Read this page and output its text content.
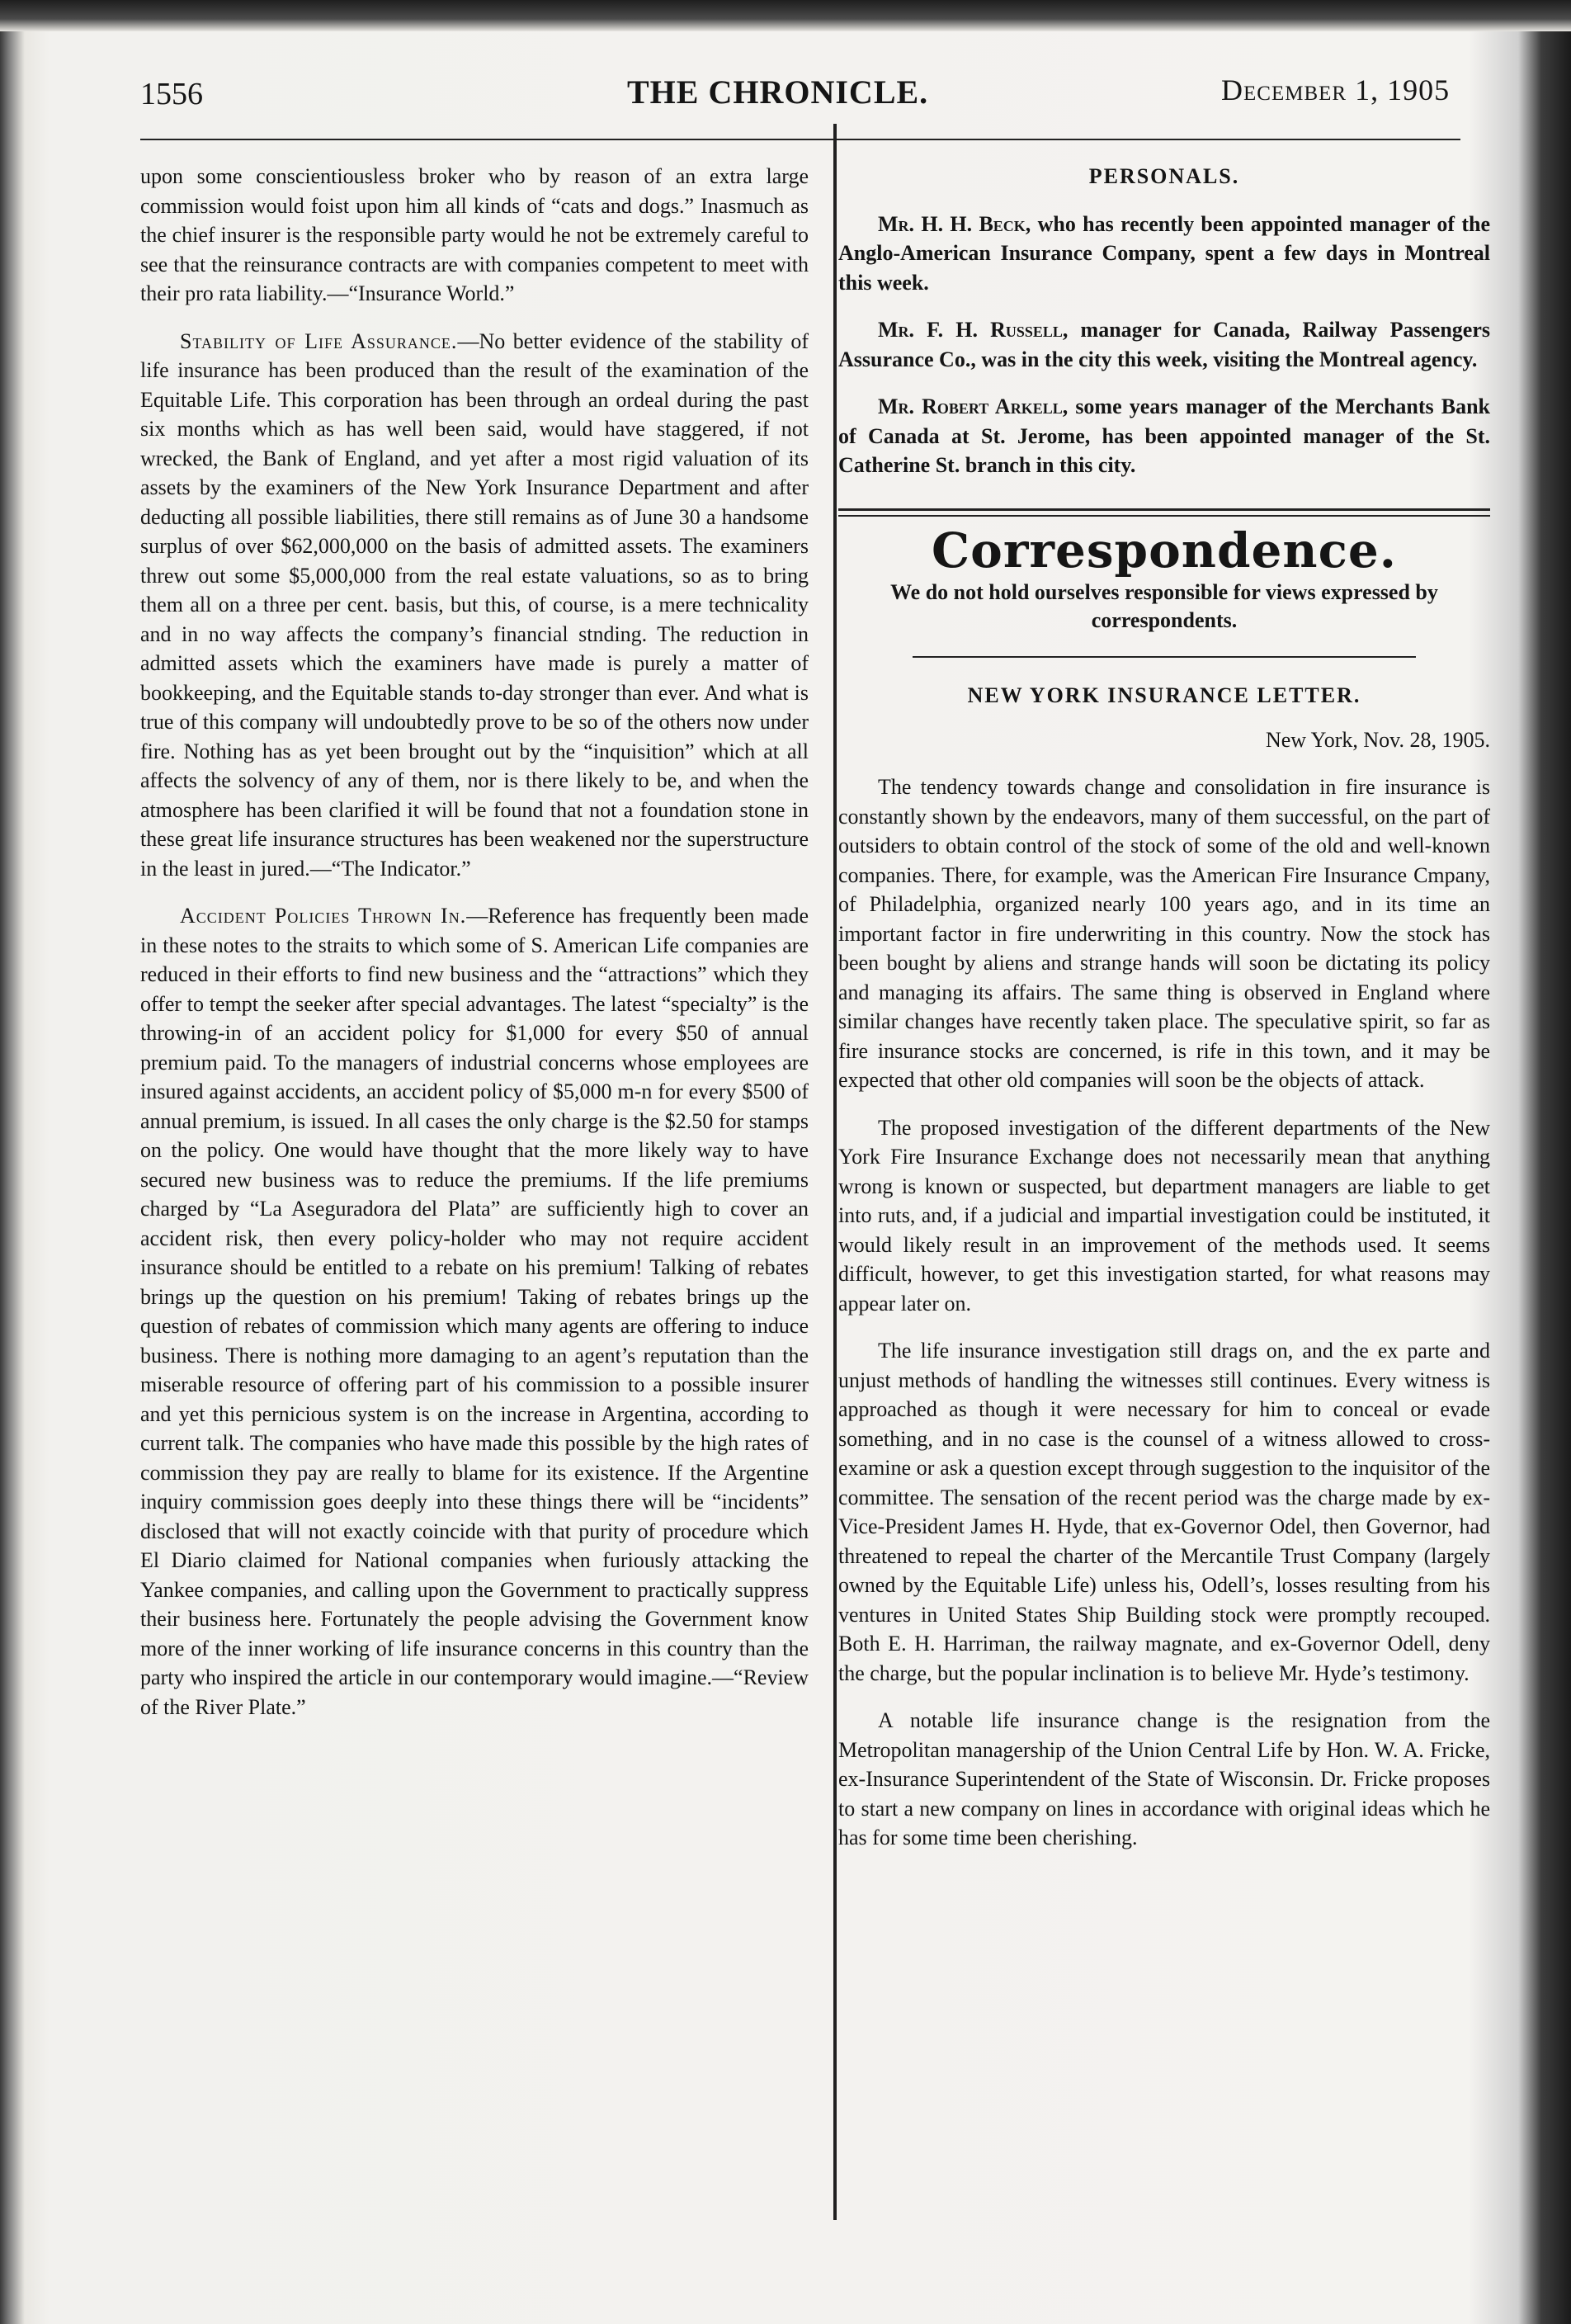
1556	THE CHRONICLE.	December 1, 1905

upon some conscientiousless broker who by reason of an extra large commission would foist upon him all kinds of “cats and dogs.” Inasmuch as the chief insurer is the responsible party would he not be extremely careful to see that the reinsurance contracts are with companies competent to meet with their pro rata liability.—“Insurance World.”

Stability of Life Assurance.—No better evidence of the stability of life insurance has been produced than the result of the examination of the Equitable Life. This corporation has been through an ordeal during the past six months which as has well been said, would have staggered, if not wrecked, the Bank of England, and yet after a most rigid valuation of its assets by the examiners of the New York Insurance Department and after deducting all possible liabilities, there still remains as of June 30 a handsome surplus of over $62,000,000 on the basis of admitted assets. The examiners threw out some $5,000,000 from the real estate valuations, so as to bring them all on a three per cent. basis, but this, of course, is a mere technicality and in no way affects the company’s financial stnding. The reduction in admitted assets which the examiners have made is purely a matter of bookkeeping, and the Equitable stands to-day stronger than ever. And what is true of this company will undoubtedly prove to be so of the others now under fire. Nothing has as yet been brought out by the “inquisition” which at all affects the solvency of any of them, nor is there likely to be, and when the atmosphere has been clarified it will be found that not a foundation stone in these great life insurance structures has been weakened nor the superstructure in the least in jured.—“The Indicator.”

Accident Policies Thrown In.—Reference has frequently been made in these notes to the straits to which some of S. American Life companies are reduced in their efforts to find new business and the “attractions” which they offer to tempt the seeker after special advantages. The latest “specialty” is the throwing-in of an accident policy for $1,000 for every $50 of annual premium paid. To the managers of industrial concerns whose employees are insured against accidents, an accident policy of $5,000 m-n for every $500 of annual premium, is issued. In all cases the only charge is the $2.50 for stamps on the policy. One would have thought that the more likely way to have secured new business was to reduce the premiums. If the life premiums charged by “La Aseguradora del Plata” are sufficiently high to cover an accident risk, then every policy-holder who may not require accident insurance should be entitled to a rebate on his premium! Talking of rebates brings up the question on his premium! Taking of rebates brings up the question of rebates of commission which many agents are offering to induce business. There is nothing more damaging to an agent’s reputation than the miserable resource of offering part of his commission to a possible insurer and yet this pernicious system is on the increase in Argentina, according to current talk. The companies who have made this possible by the high rates of commission they pay are really to blame for its existence. If the Argentine inquiry commission goes deeply into these things there will be “incidents” disclosed that will not exactly coincide with that purity of procedure which El Diario claimed for National companies when furiously attacking the Yankee companies, and calling upon the Government to practically suppress their business here. Fortunately the people advising the Government know more of the inner working of life insurance concerns in this country than the party who inspired the article in our contemporary would imagine.—“Review of the River Plate.”

PERSONALS.

Mr. H. H. Beck, who has recently been appointed manager of the Anglo-American Insurance Company, spent a few days in Montreal this week.

Mr. F. H. Russell, manager for Canada, Railway Passengers Assurance Co., was in the city this week, visiting the Montreal agency.

Mr. Robert Arkell, some years manager of the Merchants Bank of Canada at St. Jerome, has been appointed manager of the St. Catherine St. branch in this city.

Correspondence.
We do not hold ourselves responsible for views expressed by correspondents.
NEW YORK INSURANCE LETTER.
New York, Nov. 28, 1905.

The tendency towards change and consolidation in fire insurance is constantly shown by the endeavors, many of them successful, on the part of outsiders to obtain control of the stock of some of the old and well-known companies. There, for example, was the American Fire Insurance Cmpany, of Philadelphia, organized nearly 100 years ago, and in its time an important factor in fire underwriting in this country. Now the stock has been bought by aliens and strange hands will soon be dictating its policy and managing its affairs. The same thing is observed in England where similar changes have recently taken place. The speculative spirit, so far as fire insurance stocks are concerned, is rife in this town, and it may be expected that other old companies will soon be the objects of attack.

The proposed investigation of the different departments of the New York Fire Insurance Exchange does not necessarily mean that anything wrong is known or suspected, but department managers are liable to get into ruts, and, if a judicial and impartial investigation could be instituted, it would likely result in an improvement of the methods used. It seems difficult, however, to get this investigation started, for what reasons may appear later on.

The life insurance investigation still drags on, and the ex parte and unjust methods of handling the witnesses still continues. Every witness is approached as though it were necessary for him to conceal or evade something, and in no case is the counsel of a witness allowed to cross-examine or ask a question except through suggestion to the inquisitor of the committee. The sensation of the recent period was the charge made by ex-Vice-President James H. Hyde, that ex-Governor Odel, then Governor, had threatened to repeal the charter of the Mercantile Trust Company (largely owned by the Equitable Life) unless his, Odell’s, losses resulting from his ventures in United States Ship Building stock were promptly recouped. Both E. H. Harriman, the railway magnate, and ex-Governor Odell, deny the charge, but the popular inclination is to believe Mr. Hyde’s testimony.

A notable life insurance change is the resignation from the Metropolitan managership of the Union Central Life by Hon. W. A. Fricke, ex-Insurance Superintendent of the State of Wisconsin. Dr. Fricke proposes to start a new company on lines in accordance with original ideas which he has for some time been cherishing.
